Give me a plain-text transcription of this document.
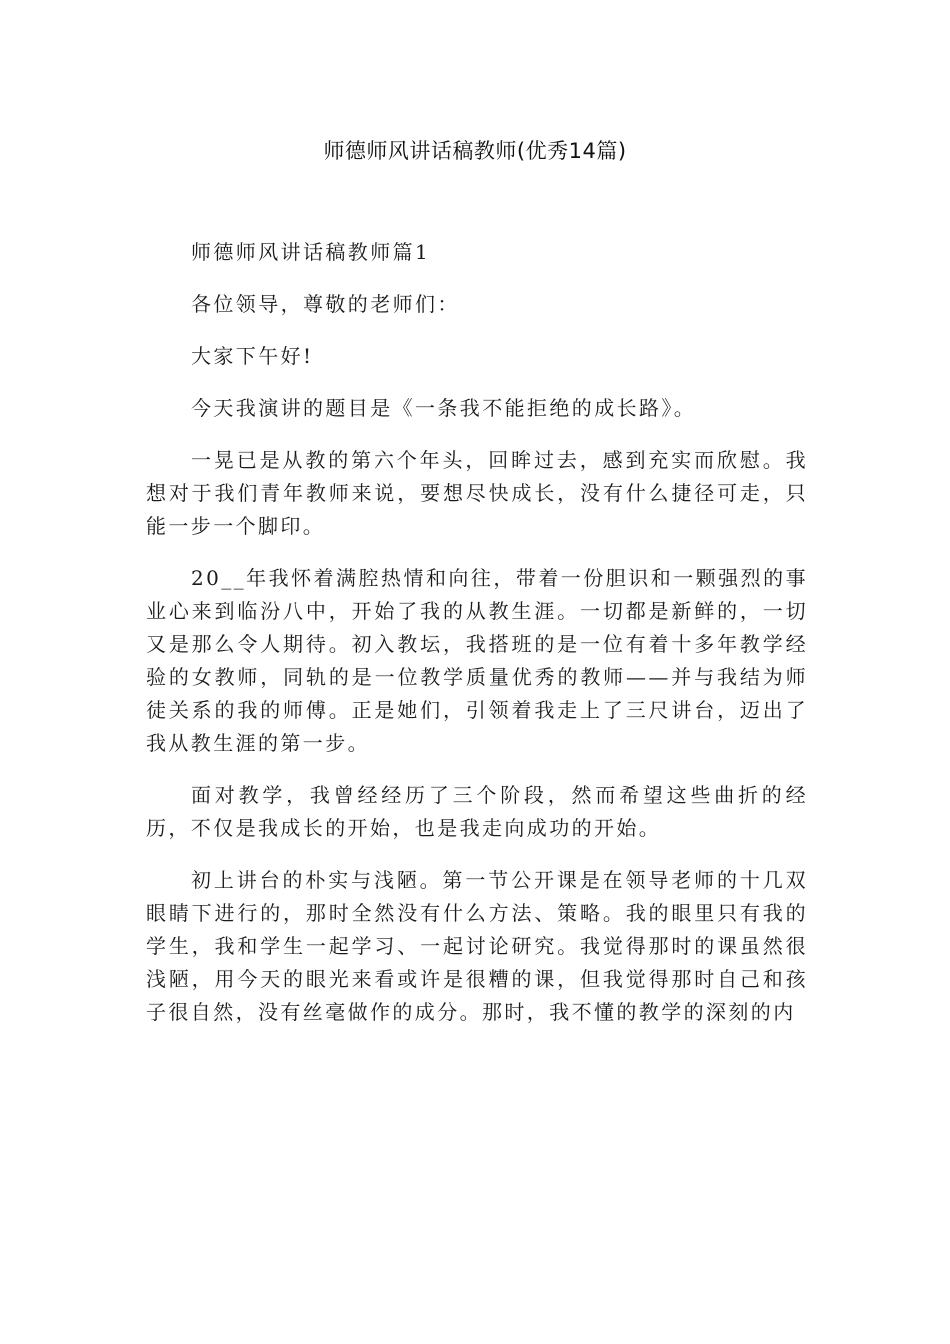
师德师风讲话稿教师(优秀14篇)

师德师风讲话稿教师篇1

各位领导，尊敬的老师们：

大家下午好!

今天我演讲的题目是《一条我不能拒绝的成长路》。

一晃已是从教的第六个年头，回眸过去，感到充实而欣慰。我想对于我们青年教师来说，要想尽快成长，没有什么捷径可走，只能一步一个脚印。

20__年我怀着满腔热情和向往，带着一份胆识和一颗强烈的事业心来到临汾八中，开始了我的从教生涯。一切都是新鲜的，一切又是那么令人期待。初入教坛，我搭班的是一位有着十多年教学经验的女教师，同轨的是一位教学质量优秀的教师——并与我结为师徒关系的我的师傅。正是她们，引领着我走上了三尺讲台，迈出了我从教生涯的第一步。

面对教学，我曾经经历了三个阶段，然而希望这些曲折的经历，不仅是我成长的开始，也是我走向成功的开始。

初上讲台的朴实与浅陋。第一节公开课是在领导老师的十几双眼睛下进行的，那时全然没有什么方法、策略。我的眼里只有我的学生，我和学生一起学习、一起讨论研究。我觉得那时的课虽然很浅陋，用今天的眼光来看或许是很糟的课，但我觉得那时自己和孩子很自然，没有丝毫做作的成分。那时，我不懂的教学的深刻的内
